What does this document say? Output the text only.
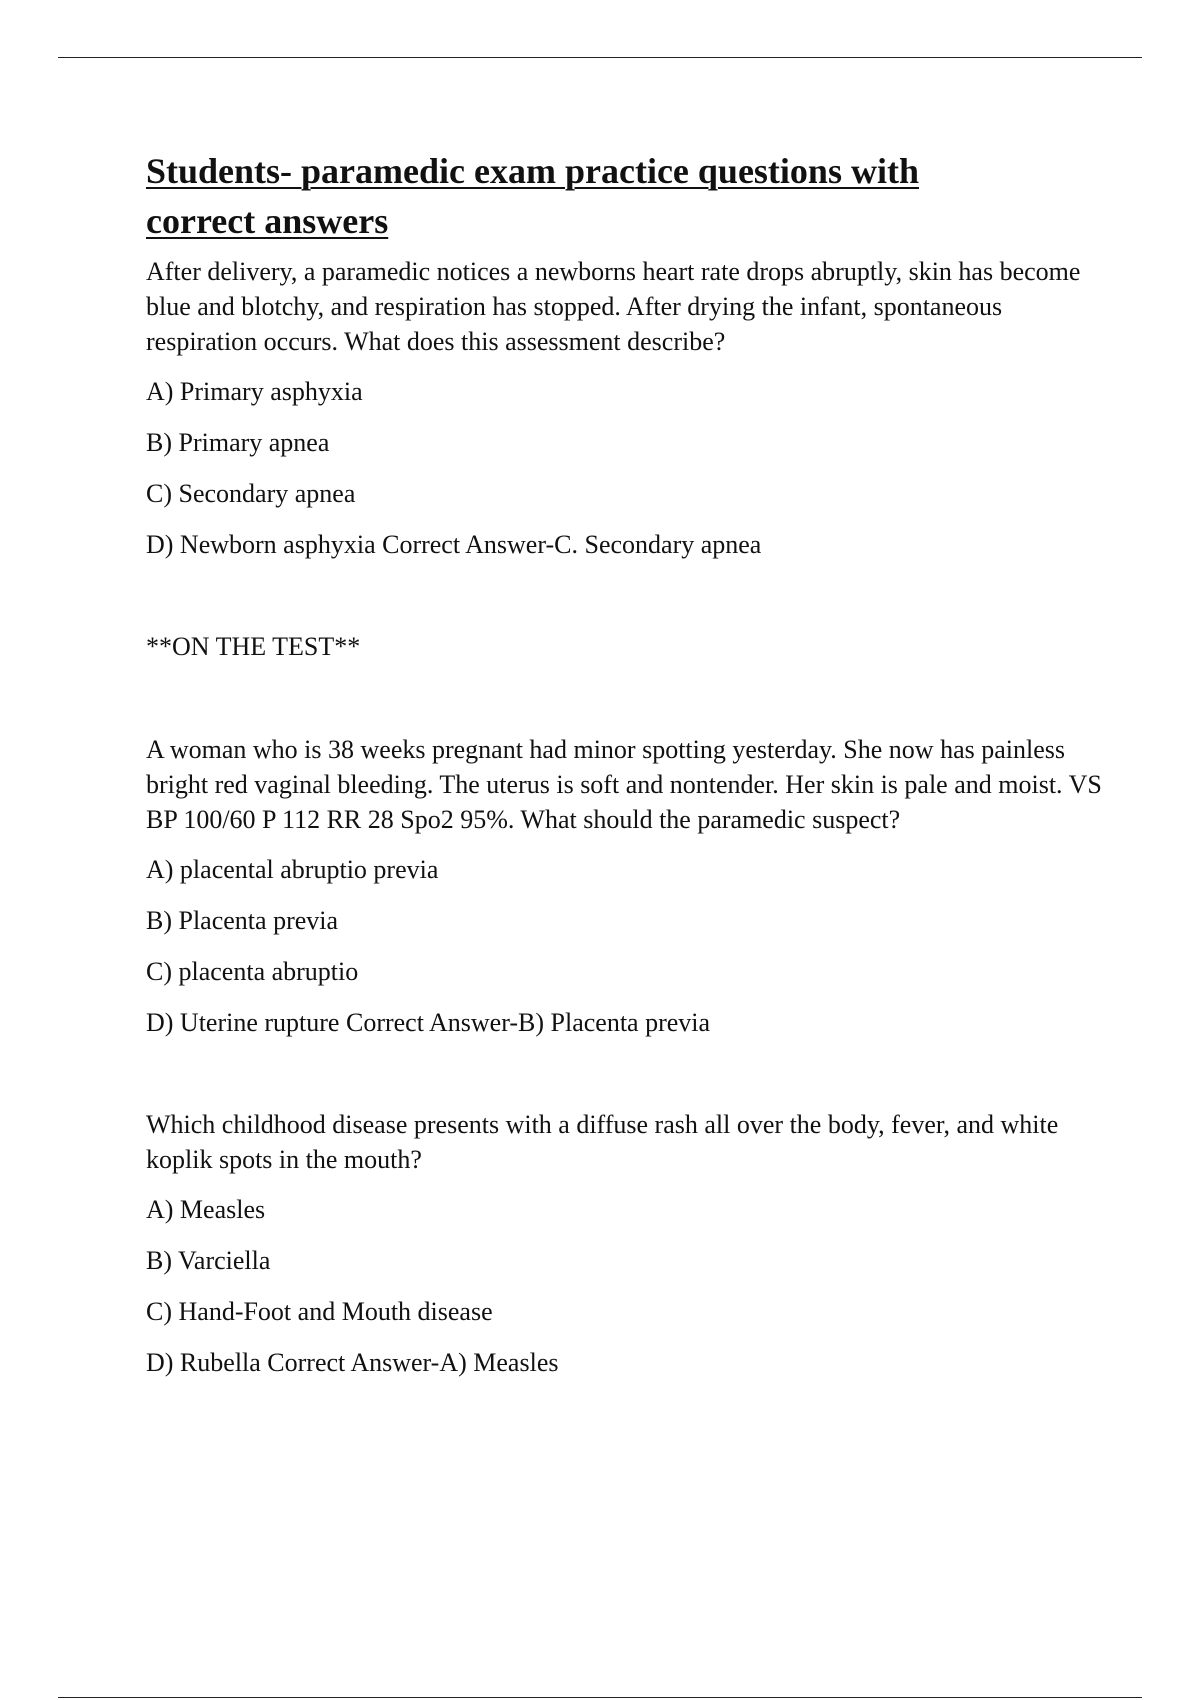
Students- paramedic exam practice questions with
correct answers

After delivery, a paramedic notices a newborns heart rate drops abruptly, skin has become blue and blotchy, and respiration has stopped. After drying the infant, spontaneous respiration occurs. What does this assessment describe?

A) Primary asphyxia

B) Primary apnea

C) Secondary apnea

D) Newborn asphyxia Correct Answer-C. Secondary apnea

**ON THE TEST**

A woman who is 38 weeks pregnant had minor spotting yesterday. She now has painless bright red vaginal bleeding. The uterus is soft and nontender. Her skin is pale and moist. VS BP 100/60 P 112 RR 28 Spo2 95%. What should the paramedic suspect?

A) placental abruptio previa

B) Placenta previa

C) placenta abruptio

D) Uterine rupture Correct Answer-B) Placenta previa

Which childhood disease presents with a diffuse rash all over the body, fever, and white koplik spots in the mouth?

A) Measles

B) Varciella

C) Hand-Foot and Mouth disease

D) Rubella Correct Answer-A) Measles
